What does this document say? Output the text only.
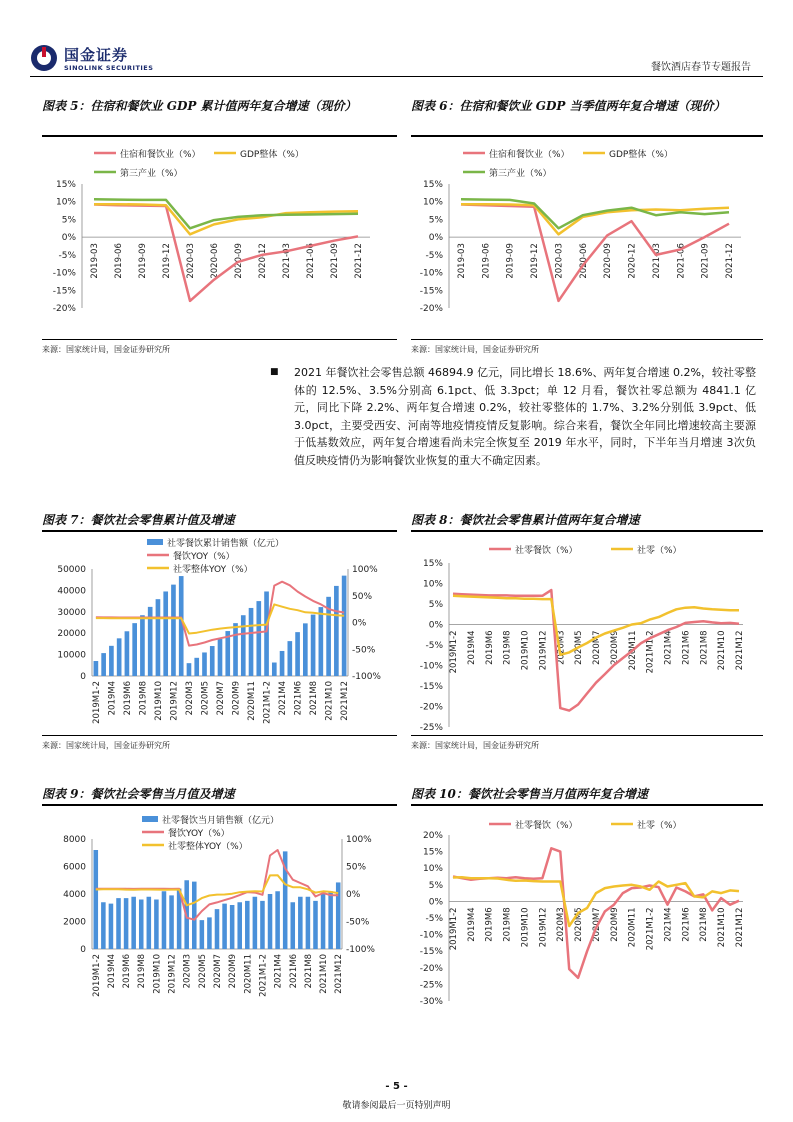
国金证券
SINOLINK SECURITIES	餐饮酒店春节专题报告
图表 5：住宿和餐饮业 GDP 累计值两年复合增速（现价）	图表 6：住宿和餐饮业 GDP 当季值两年复合增速（现价）
住宿和餐饮业（%）	GDP整体（%）
第三产业（%）
15%
10%
5%
0%
-5%
-10%
-15%
-20%
2019-03 2019-06 2019-09 2019-12 2020-03 2020-06 2020-09 2020-12 2021-03 2021-06 2021-09 2021-12
住宿和餐饮业（%）	GDP整体（%）
第三产业（%）
15%
10%
5%
0%
-5%
-10%
-15%
-20%
2019-03 2019-06 2019-09 2019-12 2020-03 2020-06 2020-09 2020-12 2021-03 2021-06 2021-09 2021-12
来源：国家统计局，国金证券研究所	来源：国家统计局，国金证券研究所
■ 2021 年餐饮社会零售总额 46894.9 亿元，同比增长 18.6%、两年复合增速 0.2%，较社零整体的 12.5%、3.5%分别高 6.1pct、低 3.3pct；单 12 月看，餐饮社零总额为 4841.1 亿元，同比下降 2.2%、两年复合增速 0.2%，较社零整体的 1.7%、3.2%分别低 3.9pct、低 3.0pct，主要受西安、河南等地疫情疫情反复影响。综合来看，餐饮全年同比增速较高主要源于低基数效应，两年复合增速看尚未完全恢复至 2019 年水平，同时，下半年当月增速 3次负值反映疫情仍为影响餐饮业恢复的重大不确定因素。
图表 7：餐饮社会零售累计值及增速	图表 8：餐饮社会零售累计值两年复合增速
社零餐饮累计销售额（亿元）
餐饮YOY（%）
社零整体YOY（%）
50000
40000
30000
20000
10000
0
100%
50%
0%
-50%
-100%
2019M1-2 2019M4 2019M6 2019M8 2019M10 2019M12 2020M3 2020M5 2020M7 2020M9 2020M11 2021M1-2 2021M4 2021M6 2021M8 2021M10 2021M12
社零餐饮（%）	社零（%）
15%
10%
5%
0%
-5%
-10%
-15%
-20%
-25%
2019M1-2 2019M4 2019M6 2019M8 2019M10 2019M12 2020M3 2020M5 2020M7 2020M9 2020M11 2021M1-2 2021M4 2021M6 2021M8 2021M10 2021M12
来源：国家统计局，国金证券研究所	来源：国家统计局，国金证券研究所
图表 9：餐饮社会零售当月值及增速	图表 10：餐饮社会零售当月值两年复合增速
社零餐饮当月销售额（亿元）
餐饮YOY（%）
社零整体YOY（%）
8000
6000
4000
2000
0
100%
50%
0%
-50%
-100%
2019M1-2 2019M4 2019M6 2019M8 2019M10 2019M12 2020M3 2020M5 2020M7 2020M9 2020M11 2021M1-2 2021M4 2021M6 2021M8 2021M10 2021M12
社零餐饮（%）	社零（%）
20%
15%
10%
5%
0%
-5%
-10%
-15%
-20%
-25%
-30%
2019M1-2 2019M4 2019M6 2019M8 2019M10 2019M12 2020M3 2020M5 2020M7 2020M9 2020M11 2021M1-2 2021M4 2021M6 2021M8 2021M10 2021M12
- 5 -
敬请参阅最后一页特别声明
